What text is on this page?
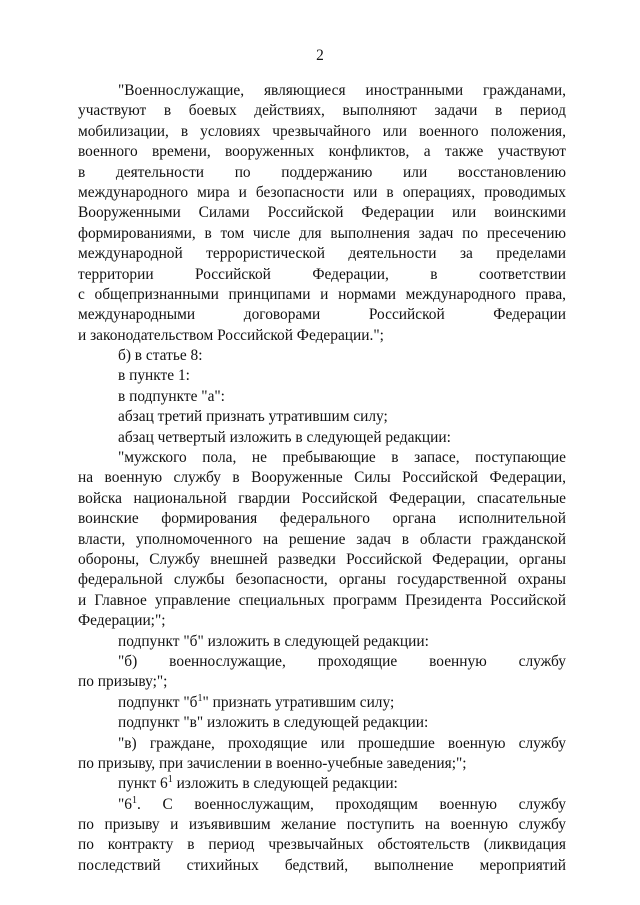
2
"Военнослужащие, являющиеся иностранными гражданами,
участвуют в боевых действиях, выполняют задачи в период
мобилизации, в условиях чрезвычайного или военного положения,
военного времени, вооруженных конфликтов, а также участвуют
в деятельности по поддержанию или восстановлению
международного мира и безопасности или в операциях, проводимых
Вооруженными Силами Российской Федерации или воинскими
формированиями, в том числе для выполнения задач по пресечению
международной террористической деятельности за пределами
территории Российской Федерации, в соответствии
с общепризнанными принципами и нормами международного права,
международными договорами Российской Федерации
и законодательством Российской Федерации.";
б) в статье 8:
в пункте 1:
в подпункте "а":
абзац третий признать утратившим силу;
абзац четвертый изложить в следующей редакции:
"мужского пола, не пребывающие в запасе, поступающие
на военную службу в Вооруженные Силы Российской Федерации,
войска национальной гвардии Российской Федерации, спасательные
воинские формирования федерального органа исполнительной
власти, уполномоченного на решение задач в области гражданской
обороны, Службу внешней разведки Российской Федерации, органы
федеральной службы безопасности, органы государственной охраны
и Главное управление специальных программ Президента Российской
Федерации;";
подпункт "б" изложить в следующей редакции:
"б) военнослужащие, проходящие военную службу
по призыву;";
подпункт "$б^1$" признать утратившим силу;
подпункт "в" изложить в следующей редакции:
"в) граждане, проходящие или прошедшие военную службу
по призыву, при зачислении в военно-учебные заведения;";
пункт $6^1$ изложить в следующей редакции:
"$6^1$. С военнослужащим, проходящим военную службу
по призыву и изъявившим желание поступить на военную службу
по контракту в период чрезвычайных обстоятельств (ликвидация
последствий стихийных бедствий, выполнение мероприятий
